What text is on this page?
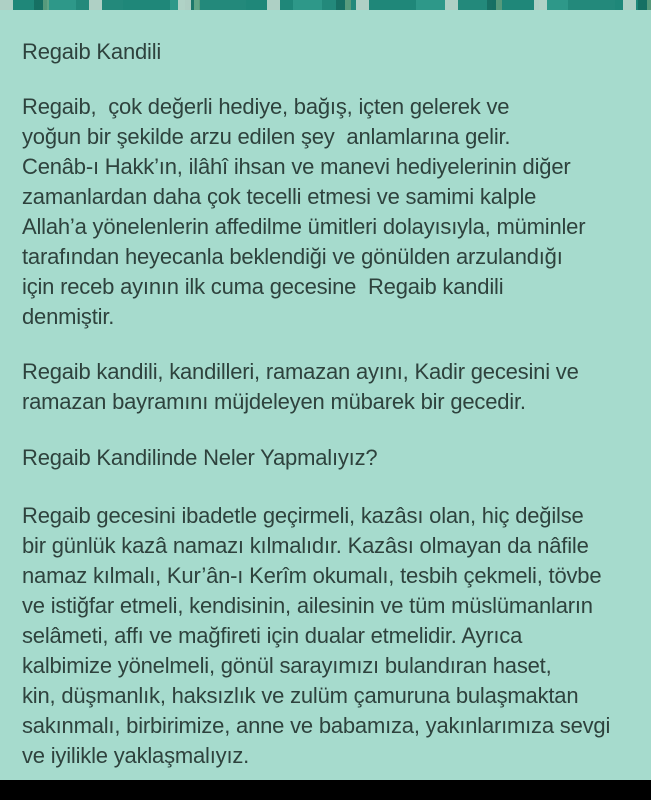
Regaib Kandili
Regaib,  çok değerli hediye, bağış, içten gelerek ve
yoğun bir şekilde arzu edilen şey  anlamlarına gelir.
Cenâb-ı Hakk’ın, ilâhî ihsan ve manevi hediyelerinin diğer
zamanlardan daha çok tecelli etmesi ve samimi kalple
Allah’a yönelenlerin affedilme ümitleri dolayısıyla, müminler
tarafından heyecanla beklendiği ve gönülden arzulandığı
için receb ayının ilk cuma gecesine  Regaib kandili
denmiştir.
Regaib kandili, kandilleri, ramazan ayını, Kadir gecesini ve
ramazan bayramını müjdeleyen mübarek bir gecedir.
Regaib Kandilinde Neler Yapmalıyız?
Regaib gecesini ibadetle geçirmeli, kazâsı olan, hiç değilse
bir günlük kazâ namazı kılmalıdır. Kazâsı olmayan da nâfile
namaz kılmalı, Kur’ân-ı Kerîm okumalı, tesbih çekmeli, tövbe
ve istiğfar etmeli, kendisinin, ailesinin ve tüm müslümanların
selâmeti, affı ve mağfireti için dualar etmelidir. Ayrıca
kalbimize yönelmeli, gönül sarayımızı bulandıran haset,
kin, düşmanlık, haksızlık ve zulüm çamuruna bulaşmaktan
sakınmalı, birbirimize, anne ve babamıza, yakınlarımıza sevgi
ve iyilikle yaklaşmalıyız.
